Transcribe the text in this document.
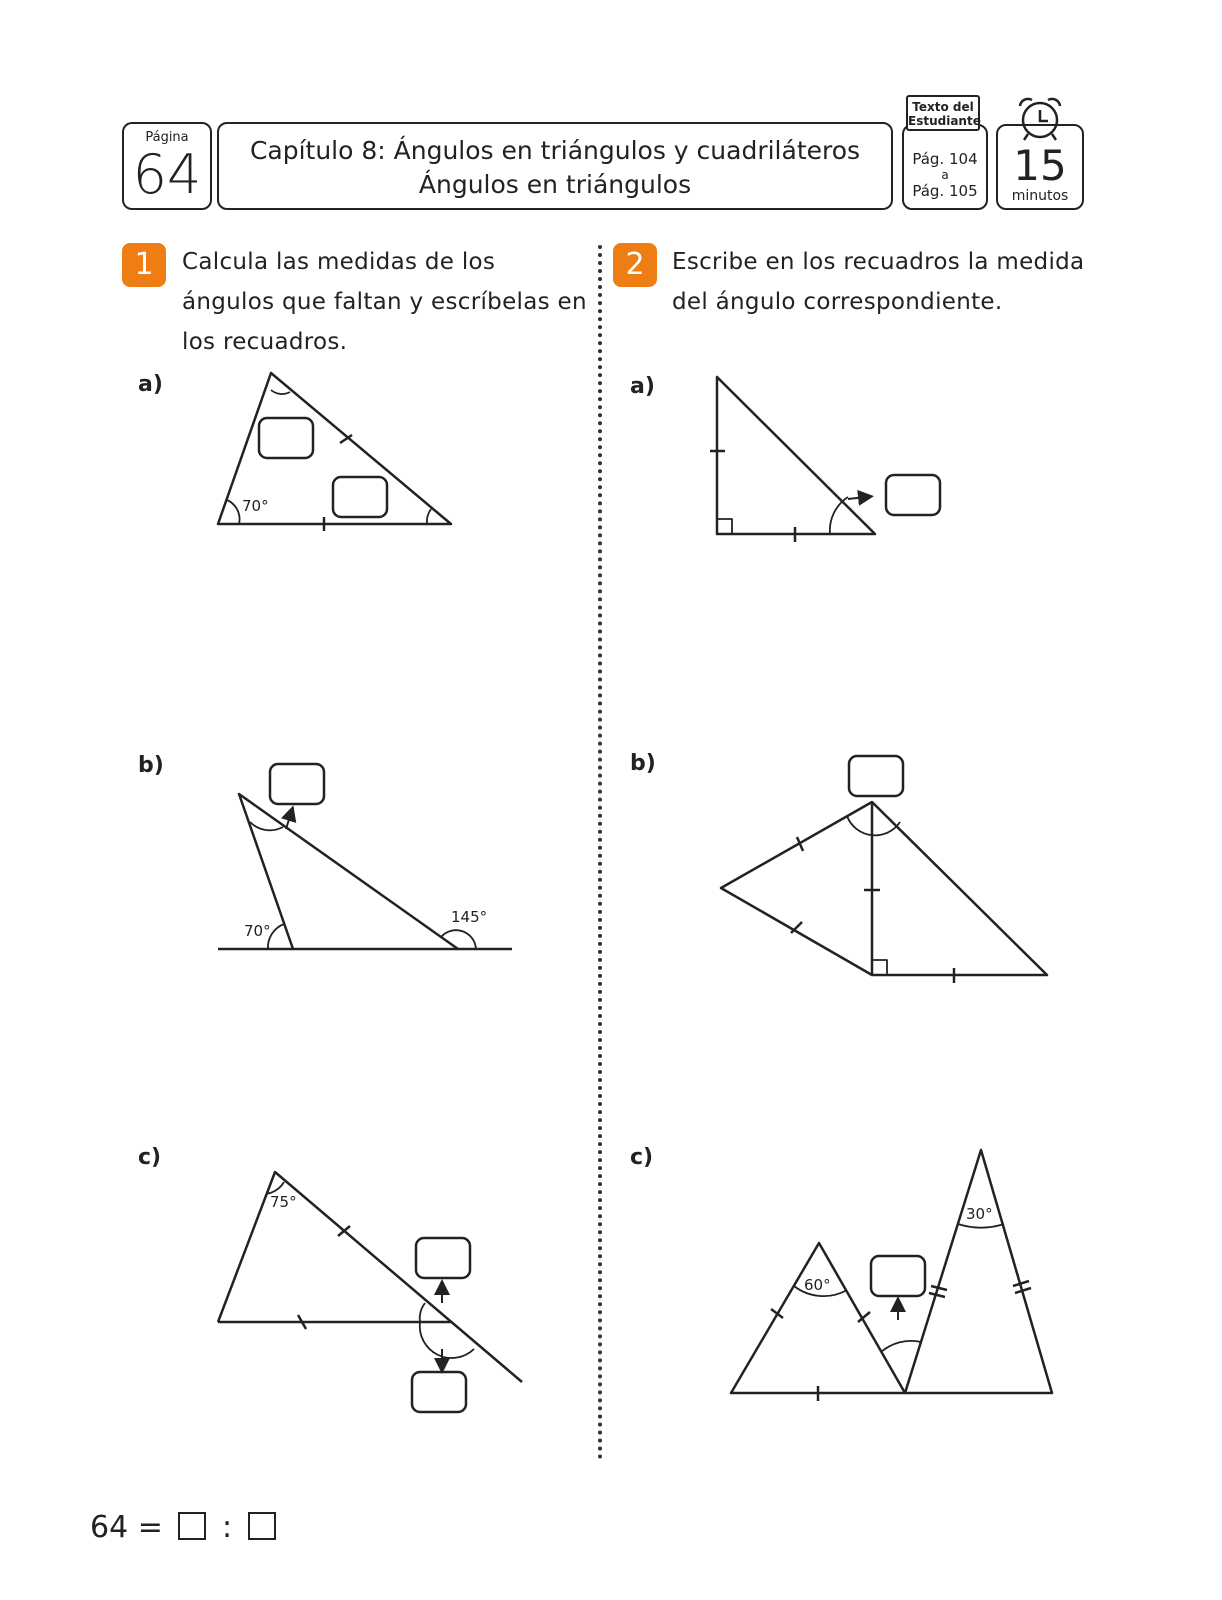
Página
64	Capítulo 8: Ángulos en triángulos y cuadriláteros
Ángulos en triángulos
Pág. 104
a
Pág. 105
Texto del Estudiante
15
minutos
1	Calcula las medidas de los ángulos que faltan y escríbelas en los recuadros.
2	Escribe en los recuadros la medida del ángulo correspondiente.
a)
b)
c)
a)
b)
c)
70°
70°
145°
75°
60°
30°
64 = :
